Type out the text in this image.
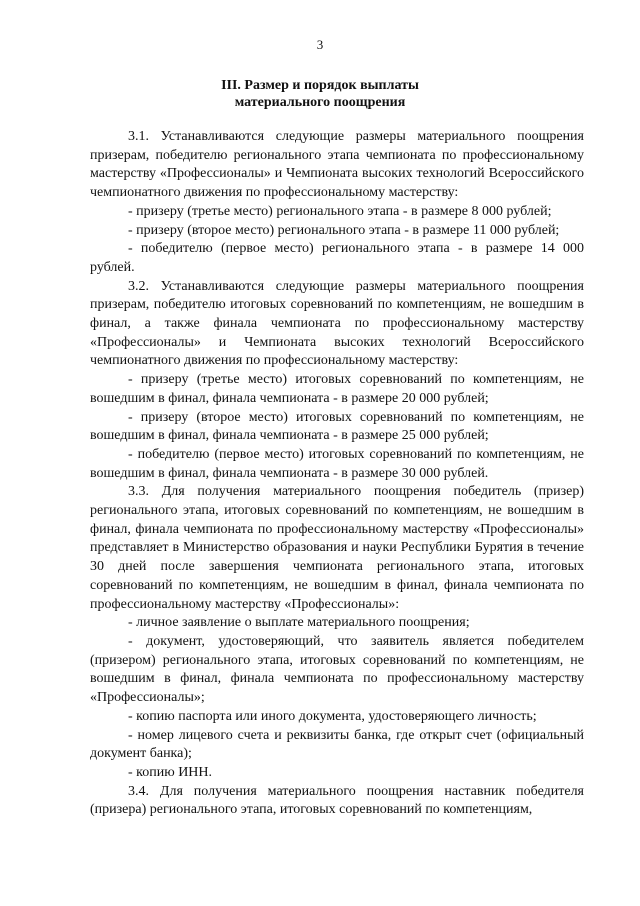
3
III. Размер и порядок выплаты
материального поощрения

3.1. Устанавливаются следующие размеры материального поощрения призерам, победителю регионального этапа чемпионата по профессиональному мастерству «Профессионалы» и Чемпионата высоких технологий Всероссийского чемпионатного движения по профессиональному мастерству:

- призеру (третье место) регионального этапа - в размере 8 000 рублей;

- призеру (второе место) регионального этапа - в размере 11 000 рублей;

- победителю (первое место) регионального этапа - в размере 14 000 рублей.

3.2. Устанавливаются следующие размеры материального поощрения призерам, победителю итоговых соревнований по компетенциям, не вошедшим в финал, а также финала чемпионата по профессиональному мастерству «Профессионалы» и Чемпионата высоких технологий Всероссийского чемпионатного движения по профессиональному мастерству:

- призеру (третье место) итоговых соревнований по компетенциям, не вошедшим в финал, финала чемпионата - в размере 20 000 рублей;

- призеру (второе место) итоговых соревнований по компетенциям, не вошедшим в финал, финала чемпионата - в размере 25 000 рублей;

- победителю (первое место) итоговых соревнований по компетенциям, не вошедшим в финал, финала чемпионата - в размере 30 000 рублей.

3.3. Для получения материального поощрения победитель (призер) регионального этапа, итоговых соревнований по компетенциям, не вошедшим в финал, финала чемпионата по профессиональному мастерству «Профессионалы» представляет в Министерство образования и науки Республики Бурятия в течение 30 дней после завершения чемпионата регионального этапа, итоговых соревнований по компетенциям, не вошедшим в финал, финала чемпионата по профессиональному мастерству «Профессионалы»:

- личное заявление о выплате материального поощрения;

- документ, удостоверяющий, что заявитель является победителем (призером) регионального этапа, итоговых соревнований по компетенциям, не вошедшим в финал, финала чемпионата по профессиональному мастерству «Профессионалы»;

- копию паспорта или иного документа, удостоверяющего личность;

- номер лицевого счета и реквизиты банка, где открыт счет (официальный документ банка);

- копию ИНН.

3.4. Для получения материального поощрения наставник победителя (призера) регионального этапа, итоговых соревнований по компетенциям,
